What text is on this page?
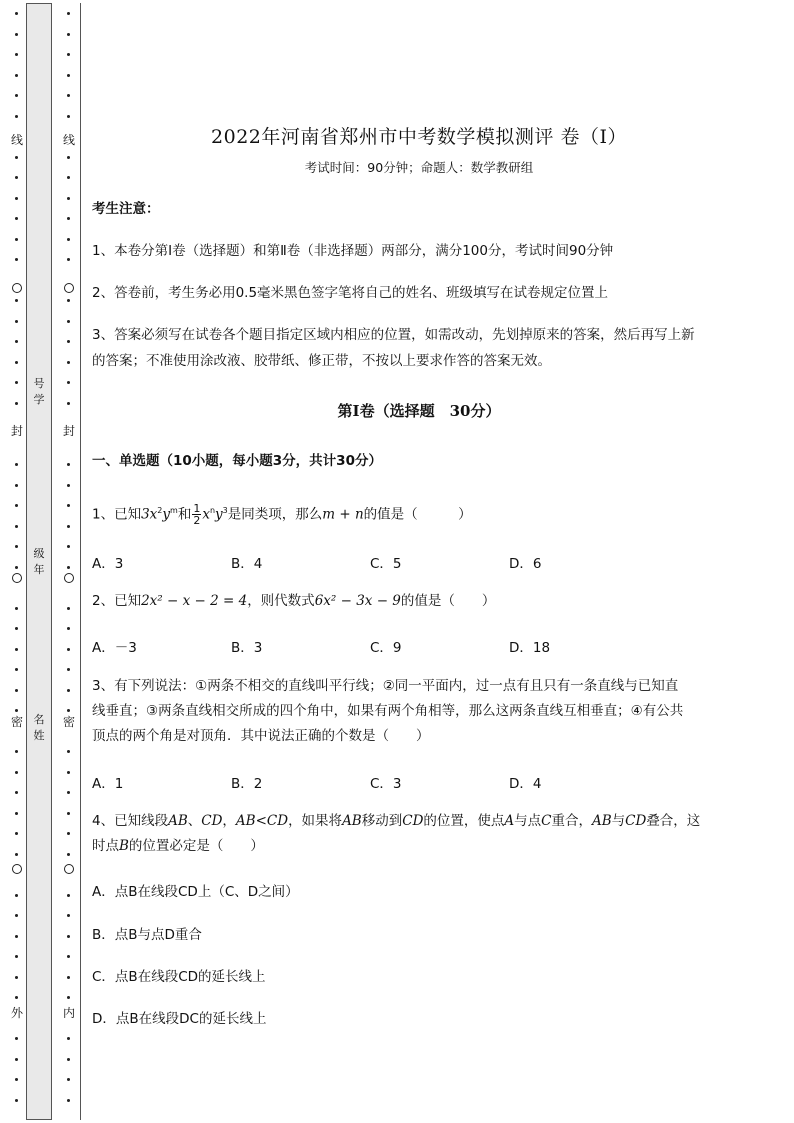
号
学
级
年
名
姓
线
封
密
外
线
封
密
内
2022年河南省郑州市中考数学模拟测评 卷（Ⅰ）
考试时间：90分钟；命题人：数学教研组
考生注意：
1、本卷分第I卷（选择题）和第Ⅱ卷（非选择题）两部分，满分100分，考试时间90分钟
2、答卷前，考生务必用0.5毫米黑色签字笔将自己的姓名、班级填写在试卷规定位置上
3、答案必须写在试卷各个题目指定区域内相应的位置，如需改动，先划掉原来的答案，然后再写上新
的答案；不准使用涂改液、胶带纸、修正带，不按以上要求作答的答案无效。
第I卷（选择题　30分）
一、单选题（10小题，每小题3分，共计30分）
1、已知$3x^2y^m$和 $\frac{1}{2} x^ny^3$是同类项，那么m + n的值是（　　　）
A．3	B．4	C．5	D．6
2、已知2x² − x − 2 = 4，则代数式6x² − 3x − 9的值是（　　）
A．－3	B．3	C．9	D．18
3、有下列说法：①两条不相交的直线叫平行线；②同一平面内，过一点有且只有一条直线与已知直
线垂直；③两条直线相交所成的四个角中，如果有两个角相等，那么这两条直线互相垂直；④有公共
顶点的两个角是对顶角．其中说法正确的个数是（　　）
A．1	B．2	C．3	D．4
4、已知线段AB、CD，AB<CD，如果将AB移动到CD的位置，使点A与点C重合，AB与CD叠合，这
时点B的位置必定是（　　）
A．点B在线段CD上（C、D之间）
B．点B与点D重合
C．点B在线段CD的延长线上
D．点B在线段DC的延长线上
